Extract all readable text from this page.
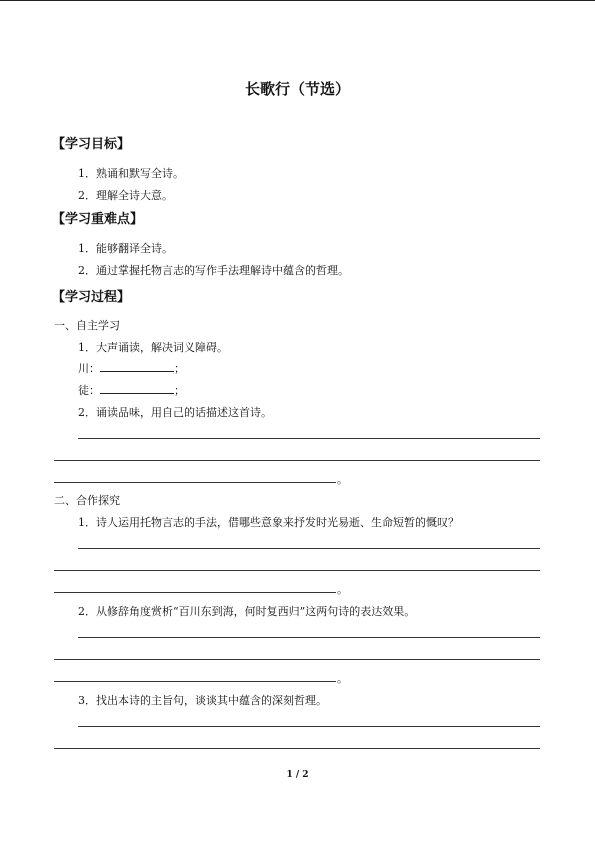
长歌行（节选）
【学习目标】
1．熟诵和默写全诗。
2．理解全诗大意。
【学习重难点】
1．能够翻译全诗。
2．通过掌握托物言志的写作手法理解诗中蕴含的哲理。
【学习过程】
一、自主学习
1．大声诵读，解决词义障碍。
川：	；
徒：	；
2．诵读品味，用自己的话描述这首诗。
。
二、合作探究
1．诗人运用托物言志的手法，借哪些意象来抒发时光易逝、生命短暂的慨叹？
。
2．从修辞角度赏析“百川东到海，何时复西归”这两句诗的表达效果。
。
3．找出本诗的主旨句，谈谈其中蕴含的深刻哲理。
1 / 2
